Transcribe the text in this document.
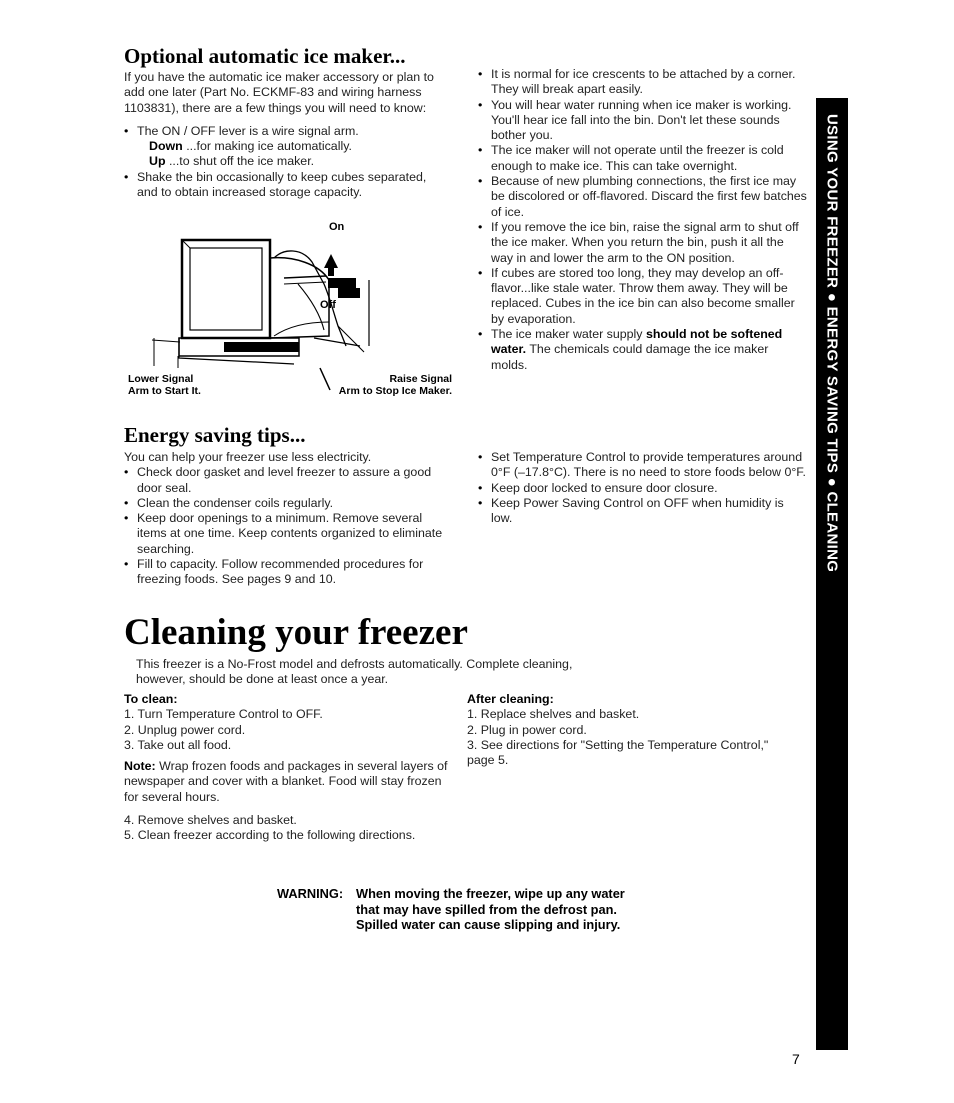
Optional automatic ice maker...

If you have the automatic ice maker accessory or plan to add one later (Part No. ECKMF-83 and wiring harness 1103831), there are a few things you will need to know:

• The ON / OFF lever is a wire signal arm.
Down ...for making ice automatically.
Up ...to shut off the ice maker.
• Shake the bin occasionally to keep cubes separated, and to obtain increased storage capacity.
On
Off
Lower Signal
Arm to Start It.
Raise Signal
Arm to Stop Ice Maker.
• It is normal for ice crescents to be attached by a corner. They will break apart easily.
• You will hear water running when ice maker is working. You'll hear ice fall into the bin. Don't let these sounds bother you.
• The ice maker will not operate until the freezer is cold enough to make ice. This can take overnight.
• Because of new plumbing connections, the first ice may be discolored or off-flavored. Discard the first few batches of ice.
• If you remove the ice bin, raise the signal arm to shut off the ice maker. When you return the bin, push it all the way in and lower the arm to the ON position.
• If cubes are stored too long, they may develop an off-flavor...like stale water. Throw them away. They will be replaced. Cubes in the ice bin can also become smaller by evaporation.
• The ice maker water supply should not be softened water. The chemicals could damage the ice maker molds.
Energy saving tips...

You can help your freezer use less electricity.

• Check door gasket and level freezer to assure a good door seal.
• Clean the condenser coils regularly.
• Keep door openings to a minimum. Remove several items at one time. Keep contents organized to eliminate searching.
• Fill to capacity. Follow recommended procedures for freezing foods. See pages 9 and 10.
• Set Temperature Control to provide temperatures around 0°F (–17.8°C). There is no need to store foods below 0°F.
• Keep door locked to ensure door closure.
• Keep Power Saving Control on OFF when humidity is low.
Cleaning your freezer
This freezer is a No-Frost model and defrosts automatically. Complete cleaning, however, should be done at least once a year.
To clean:
1. Turn Temperature Control to OFF.
2. Unplug power cord.
3. Take out all food.

Note: Wrap frozen foods and packages in several layers of newspaper and cover with a blanket. Food will stay frozen for several hours.

4. Remove shelves and basket.
5. Clean freezer according to the following directions.
After cleaning:
1. Replace shelves and basket.
2. Plug in power cord.
3. See directions for "Setting the Temperature Control," page 5.
WARNING: When moving the freezer, wipe up any water that may have spilled from the defrost pan. Spilled water can cause slipping and injury.
USING YOUR FREEZER ● ENERGY SAVING TIPS ● CLEANING
7
